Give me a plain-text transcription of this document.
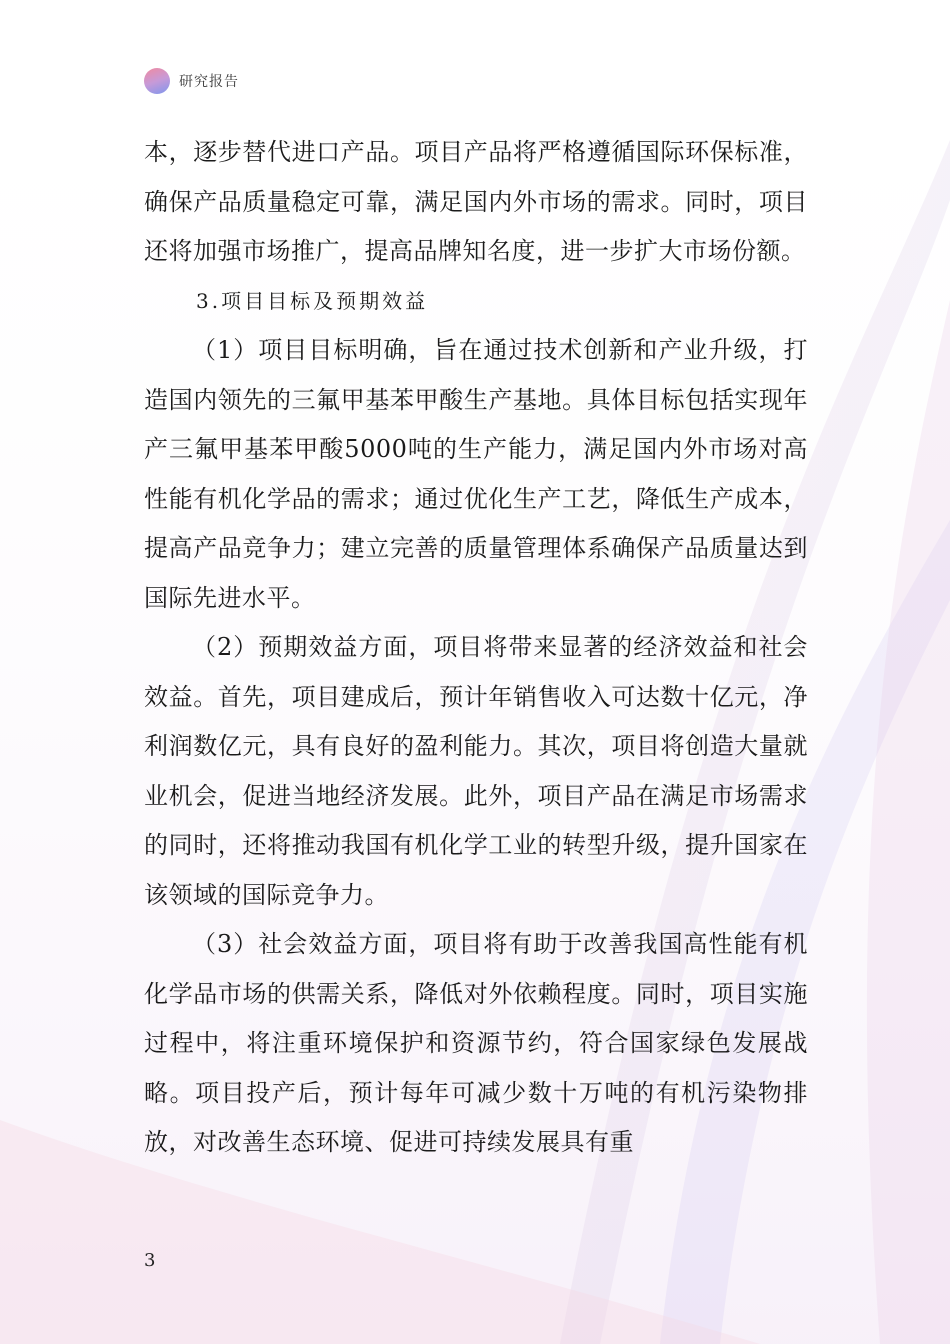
研究报告

本，逐步替代进口产品。项目产品将严格遵循国际环保标准，确保产品质量稳定可靠，满足国内外市场的需求。同时，项目还将加强市场推广，提高品牌知名度，进一步扩大市场份额。

3.项目目标及预期效益

（1）项目目标明确，旨在通过技术创新和产业升级，打造国内领先的三氟甲基苯甲酸生产基地。具体目标包括实现年产三氟甲基苯甲酸5000吨的生产能力，满足国内外市场对高性能有机化学品的需求；通过优化生产工艺，降低生产成本，提高产品竞争力；建立完善的质量管理体系确保产品质量达到国际先进水平。

（2）预期效益方面，项目将带来显著的经济效益和社会效益。首先，项目建成后，预计年销售收入可达数十亿元，净利润数亿元，具有良好的盈利能力。其次，项目将创造大量就业机会，促进当地经济发展。此外，项目产品在满足市场需求的同时，还将推动我国有机化学工业的转型升级，提升国家在该领域的国际竞争力。

（3）社会效益方面，项目将有助于改善我国高性能有机化学品市场的供需关系，降低对外依赖程度。同时，项目实施过程中，将注重环境保护和资源节约，符合国家绿色发展战略。项目投产后，预计每年可减少数十万吨的有机污染物排放，对改善生态环境、促进可持续发展具有重

3
